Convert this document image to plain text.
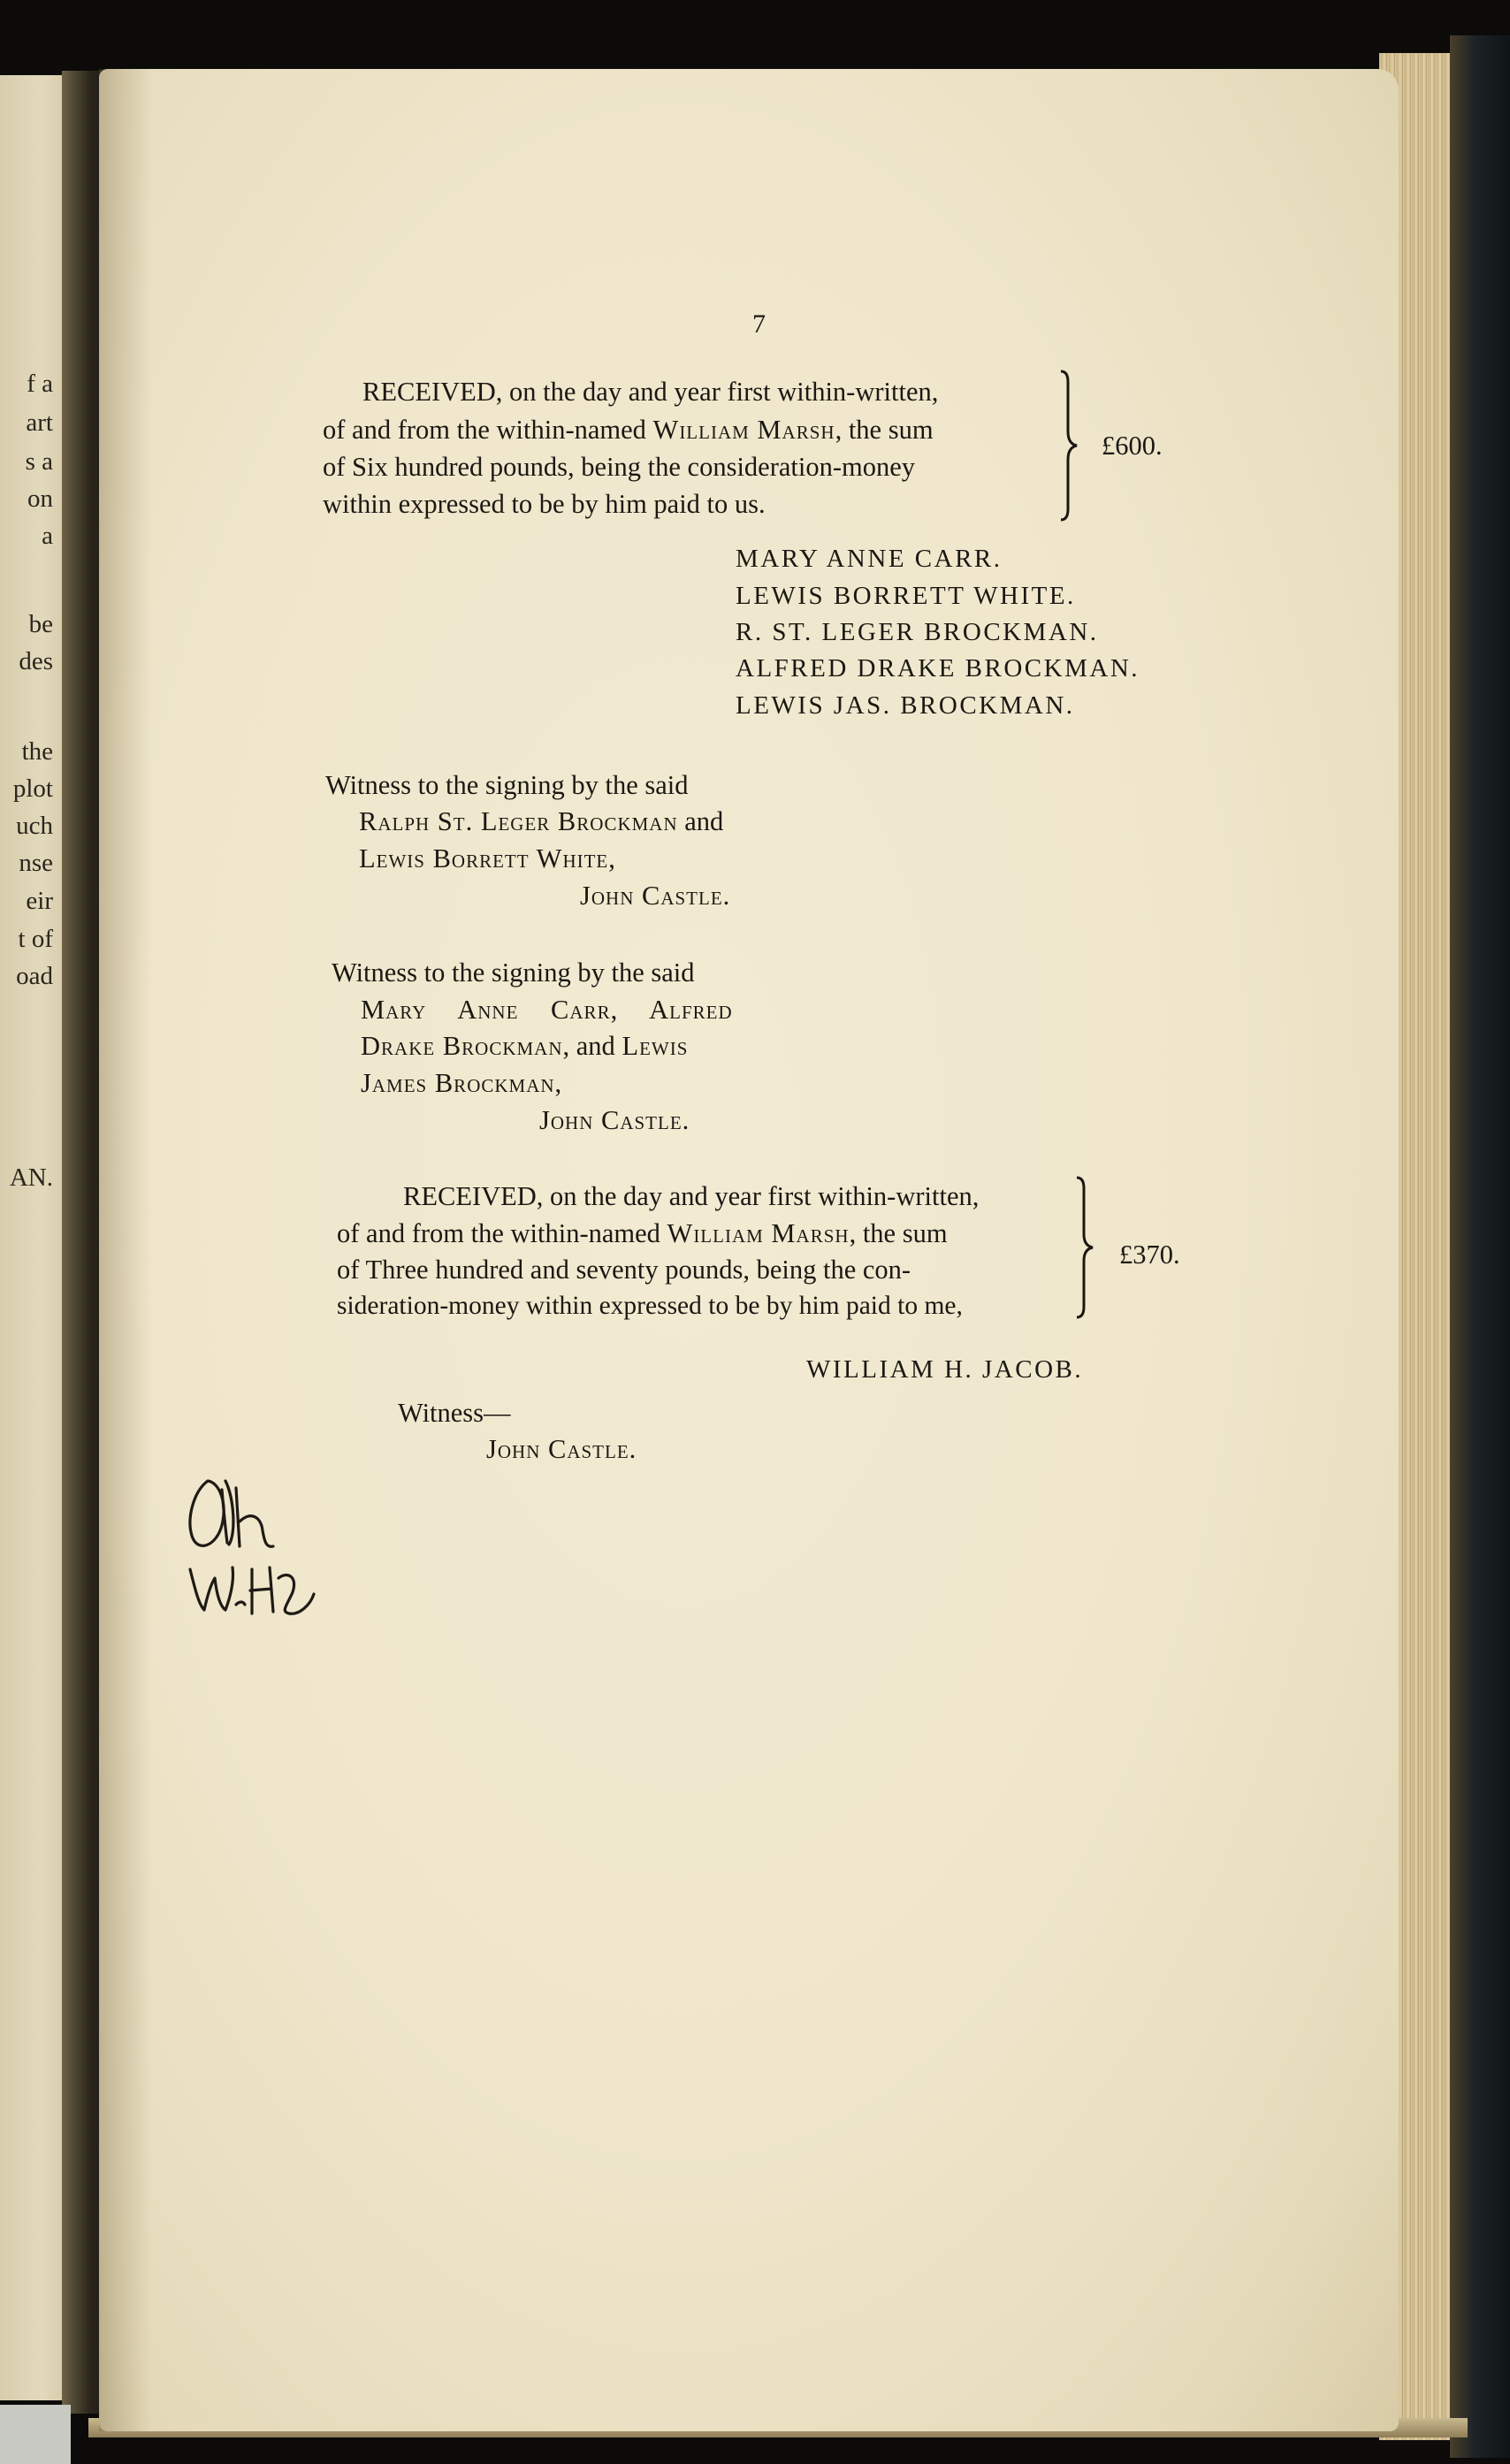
f a
art
s a
on
a
be
des
the
plot
uch
nse
eir
t of
oad
AN.
7
RECEIVED, on the day and year first within-written,
of and from the within-named William Marsh, the sum
of Six hundred pounds, being the consideration-money
within expressed to be by him paid to us.
£600.
MARY ANNE CARR.
LEWIS BORRETT WHITE.
R. ST. LEGER BROCKMAN.
ALFRED DRAKE BROCKMAN.
LEWIS JAS. BROCKMAN.
Witness to the signing by the said
Ralph St. Leger Brockman and
Lewis Borrett White,
John Castle.
Witness to the signing by the said
Mary Anne Carr, Alfred
Drake Brockman, and Lewis
James Brockman,
John Castle.
RECEIVED, on the day and year first within-written,
of and from the within-named William Marsh, the sum
of Three hundred and seventy pounds, being the con-
sideration-money within expressed to be by him paid to me,
£370.
WILLIAM H. JACOB.
Witness—
John Castle.
